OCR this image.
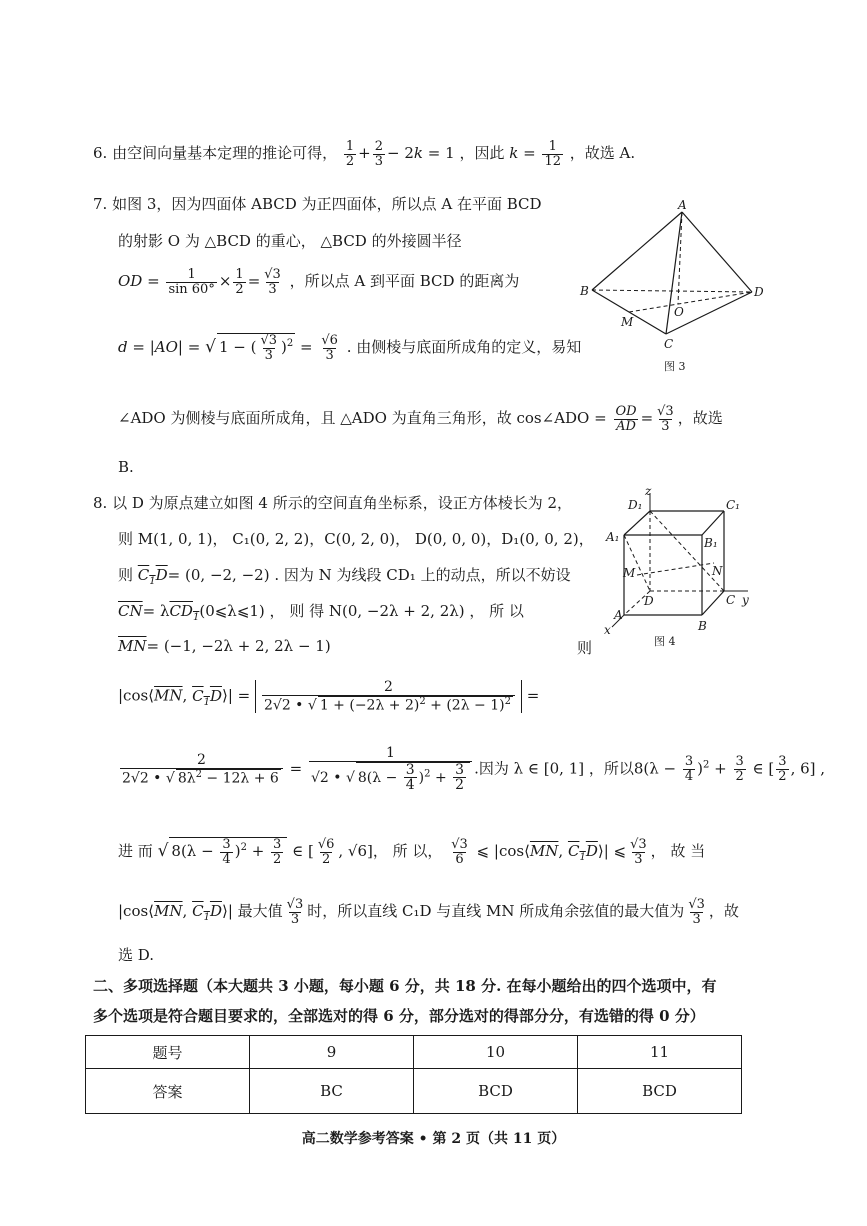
6. 由空间向量基本定理的推论可得， $\frac{1}{2} + \frac{2}{3} - 2k = 1$ ，因此 $k = \frac{1}{12}$ ，故选 A.
7. 如图 3，因为四面体 ABCD 为正四面体，所以点 A 在平面 BCD
的射影 O 为 △BCD 的重心， △BCD 的外接圆半径
OD = $\frac{1}{\sin 60^\circ} \times \frac{1}{2} = \frac{√3}{3}$ ，所以点 A 到平面 BCD 的距离为
d = |AO| = √ 1 − ( $\frac{√3}{3} )^2 = \frac{√6}{3}$ . 由侧棱与底面所成角的定义，易知
∠ADO 为侧棱与底面所成角，且 △ADO 为直角三角形，故 cos∠ADO = $\frac{OD}{AD} = \frac{√3}{3}$ ，故选
B.
A
B	D
C
M
O
图 3
8. 以 D 为原点建立如图 4 所示的空间直角坐标系，设正方体棱长为 2，
则 M(1, 0, 1)， C₁(0, 2, 2)，C(0, 2, 0)， D(0, 0, 0)，D₁(0, 0, 2)，
则 $C_1D= (0$, −2, −2) . 因为 N 为线段 CD₁ 上的动点，所以不妨设
$\overline{CN}=$ λCD$_1$(0⩽λ⩽1) ， 则 得 N(0, −2λ + 2, 2λ) ， 所 以
$\overline{MN}= (-1$, −2λ + 2, 2λ − 1)	则
$|\cos⟨\overline{MN}$, $C_1D⟩| = \frac{2}{2√2 • √ 1 + (-2\lambda + 2)^2 + (2\lambda - 1)^2}$ =
$\frac{2}{2√2 • √ 8\lambda^2 - 12\lambda + 6} = \frac{1}{√2 • √ 8(\lambda - \frac{3}{4} )^2 + \frac{3}{2}}$ .因为 λ ∈ [0, 1] ，所以$8(\lambda - \frac{3}{4} )^2 + \frac{3}{2}$ ∈ [ $\frac{3}{2}$ , 6] ,
进 而 √ $8(\lambda - \frac{3}{4} )^2 + \frac{3}{2}$ ∈ [ $\frac{√6}{2}$ , √6]， 所 以， $\frac{√3}{6}$ ⩽ $|\cos⟨\overline{MN}$, $C_1D⟩|$ ⩽ $\frac{√3}{3}$ ， 故 当
$|\cos⟨\overline{MN}$, $C_1D⟩|$ 最大值 $\frac{√3}{3}$ 时，所以直线 C₁D 与直线 MN 所成角余弦值的最大值为 $\frac{√3}{3}$ ，故
选 D.
z
D₁	C₁
A₁	B₁
M	N
D	C y
A
x	B
图 4
二、多项选择题（本大题共 3 小题，每小题 6 分，共 18 分. 在每小题给出的四个选项中，有
多个选项是符合题目要求的，全部选对的得 6 分，部分选对的得部分分，有选错的得 0 分）
题号	9	10	11
答案	BC	BCD	BCD
高二数学参考答案 • 第 2 页（共 11 页）
